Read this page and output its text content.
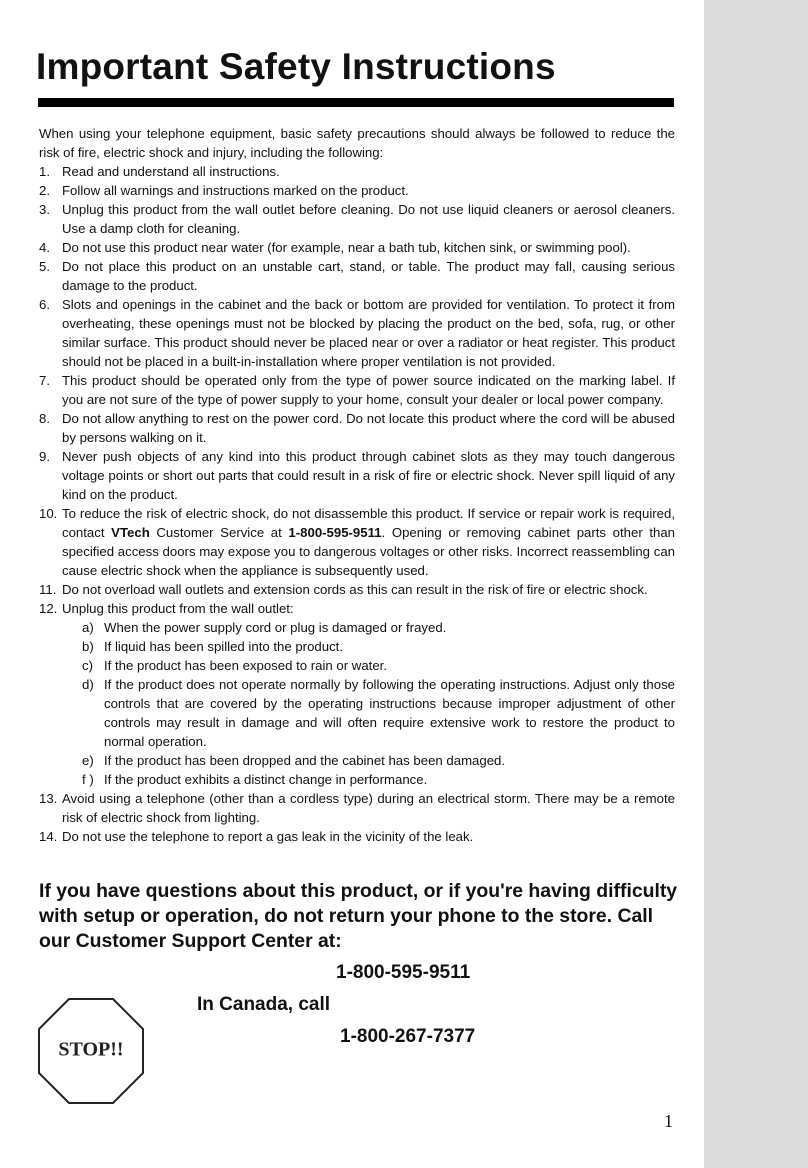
Important Safety Instructions

When using your telephone equipment, basic safety precautions should always be followed to reduce the risk of fire, electric shock and injury, including the following:

1. Read and understand all instructions.
2. Follow all warnings and instructions marked on the product.
3. Unplug this product from the wall outlet before cleaning. Do not use liquid cleaners or aerosol cleaners. Use a damp cloth for cleaning.
4. Do not use this product near water (for example, near a bath tub, kitchen sink, or swimming pool).
5. Do not place this product on an unstable cart, stand, or table. The product may fall, causing serious damage to the product.
6. Slots and openings in the cabinet and the back or bottom are provided for ventilation. To protect it from overheating, these openings must not be blocked by placing the product on the bed, sofa, rug, or other similar surface. This product should never be placed near or over a radiator or heat register. This product should not be placed in a built-in-installation where proper ventilation is not provided.
7. This product should be operated only from the type of power source indicated on the marking label. If you are not sure of the type of power supply to your home, consult your dealer or local power company.
8. Do not allow anything to rest on the power cord. Do not locate this product where the cord will be abused by persons walking on it.
9. Never push objects of any kind into this product through cabinet slots as they may touch dangerous voltage points or short out parts that could result in a risk of fire or electric shock. Never spill liquid of any kind on the product.
10. To reduce the risk of electric shock, do not disassemble this product. If service or repair work is required, contact VTech Customer Service at 1-800-595-9511. Opening or removing cabinet parts other than specified access doors may expose you to dangerous voltages or other risks. Incorrect reassembling can cause electric shock when the appliance is subsequently used.
11. Do not overload wall outlets and extension cords as this can result in the risk of fire or electric shock.
12. Unplug this product from the wall outlet:
a) When the power supply cord or plug is damaged or frayed.
b) If liquid has been spilled into the product.
c) If the product has been exposed to rain or water.
d) If the product does not operate normally by following the operating instructions. Adjust only those controls that are covered by the operating instructions because improper adjustment of other controls may result in damage and will often require extensive work to restore the product to normal operation.
e) If the product has been dropped and the cabinet has been damaged.
f ) If the product exhibits a distinct change in performance.
13. Avoid using a telephone (other than a cordless type) during an electrical storm. There may be a remote risk of electric shock from lighting.
14. Do not use the telephone to report a gas leak in the vicinity of the leak.

If you have questions about this product, or if you're having difficulty with setup or operation, do not return your phone to the store. Call our Customer Support Center at:

1-800-595-9511
In Canada, call
1-800-267-7377
STOP!!
1
